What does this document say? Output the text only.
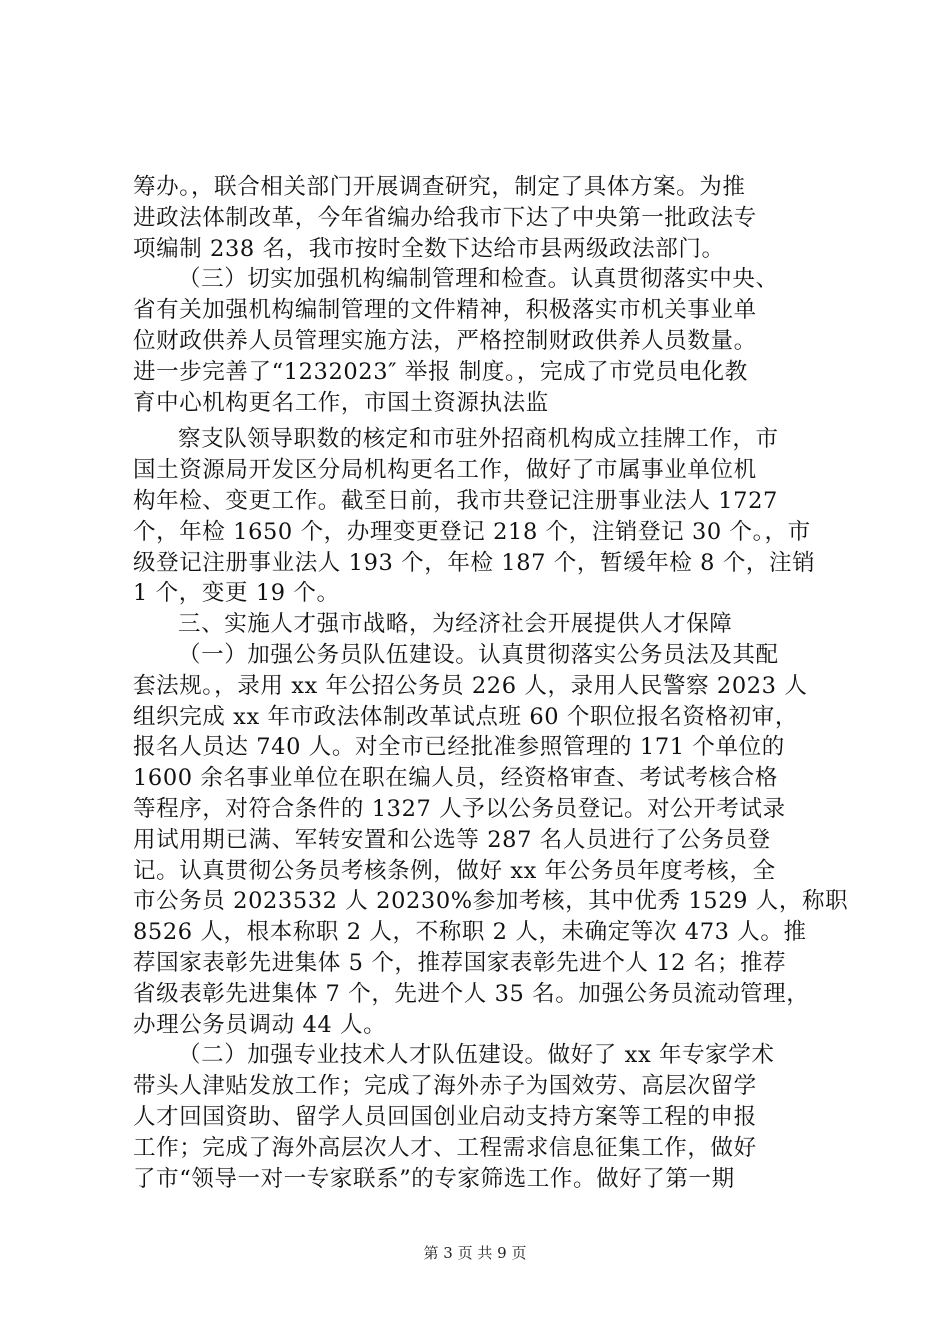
筹办。，联合相关部门开展调查研究，制定了具体方案。为推
进政法体制改革，今年省编办给我市下达了中央第一批政法专
项编制 238 名，我市按时全数下达给市县两级政法部门。
（三）切实加强机构编制管理和检查。认真贯彻落实中央、
省有关加强机构编制管理的文件精神，积极落实市机关事业单
位财政供养人员管理实施方法，严格控制财政供养人员数量。
进一步完善了“1232023″ 举报 制度。，完成了市党员电化教
育中心机构更名工作，市国土资源执法监
察支队领导职数的核定和市驻外招商机构成立挂牌工作，市
国土资源局开发区分局机构更名工作，做好了市属事业单位机
构年检、变更工作。截至日前，我市共登记注册事业法人 1727
个，年检 1650 个，办理变更登记 218 个，注销登记 30 个。，市
级登记注册事业法人 193 个，年检 187 个，暂缓年检 8 个，注销
1 个，变更 19 个。
三、实施人才强市战略，为经济社会开展提供人才保障
（一）加强公务员队伍建设。认真贯彻落实公务员法及其配
套法规。，录用 xx 年公招公务员 226 人，录用人民警察 2023 人
组织完成 xx 年市政法体制改革试点班 60 个职位报名资格初审，
报名人员达 740 人。对全市已经批准参照管理的 171 个单位的
1600 余名事业单位在职在编人员，经资格审查、考试考核合格
等程序，对符合条件的 1327 人予以公务员登记。对公开考试录
用试用期已满、军转安置和公选等 287 名人员进行了公务员登
记。认真贯彻公务员考核条例，做好 xx 年公务员年度考核，全
市公务员 2023532 人 20230%参加考核，其中优秀 1529 人，称职
8526 人，根本称职 2 人，不称职 2 人，未确定等次 473 人。推
荐国家表彰先进集体 5 个，推荐国家表彰先进个人 12 名；推荐
省级表彰先进集体 7 个，先进个人 35 名。加强公务员流动管理，
办理公务员调动 44 人。
（二）加强专业技术人才队伍建设。做好了 xx 年专家学术
带头人津贴发放工作；完成了海外赤子为国效劳、高层次留学
人才回国资助、留学人员回国创业启动支持方案等工程的申报
工作；完成了海外高层次人才、工程需求信息征集工作，做好
了市“领导一对一专家联系”的专家筛选工作。做好了第一期
第 3 页 共 9 页
